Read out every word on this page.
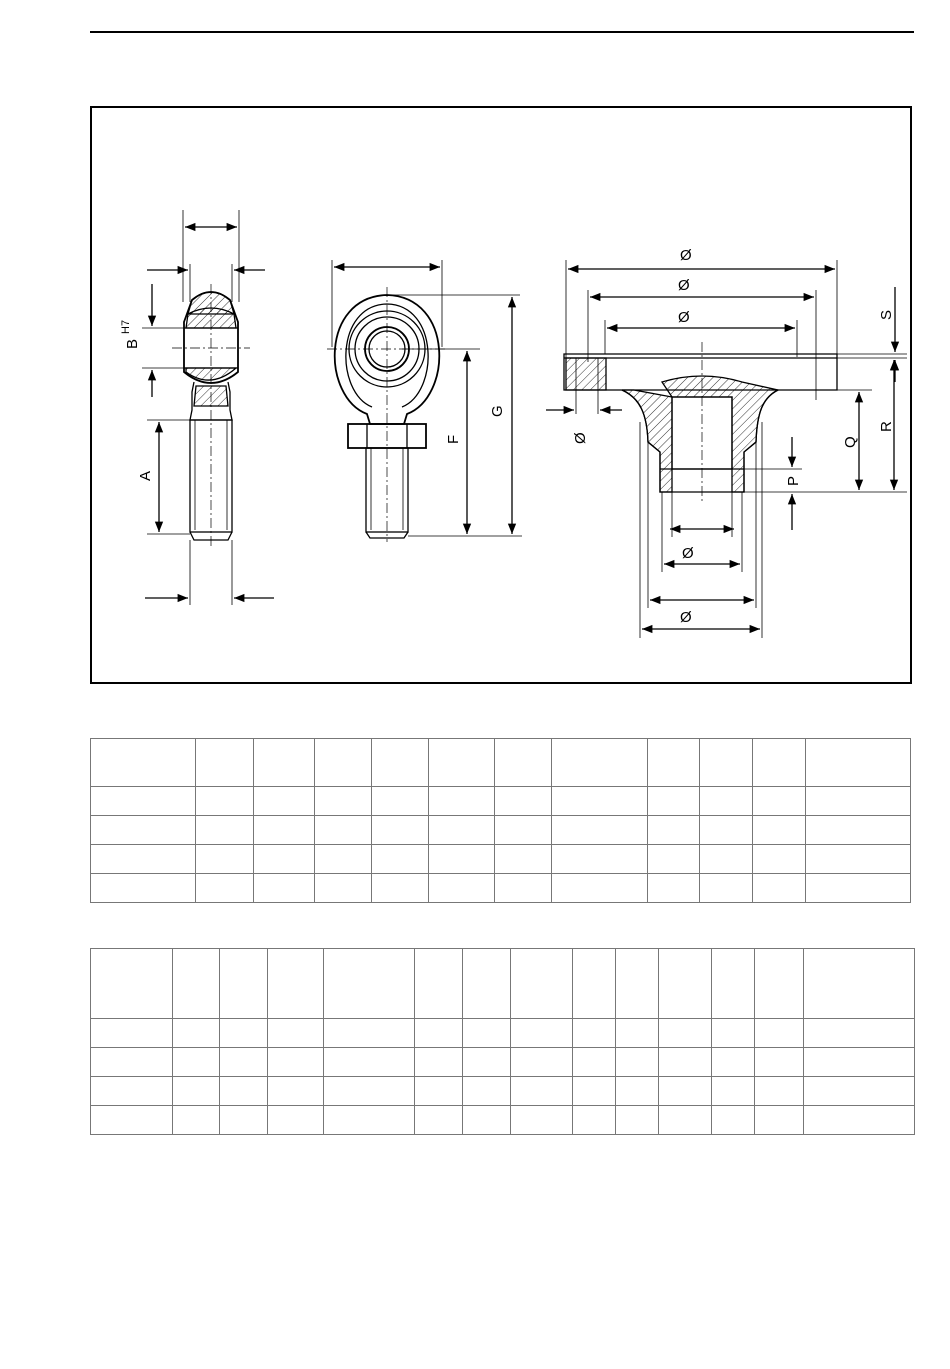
B
H7
A
F
G
Ø
Ø
Ø
Ø
S
R
Q
P
Ø
Ø
